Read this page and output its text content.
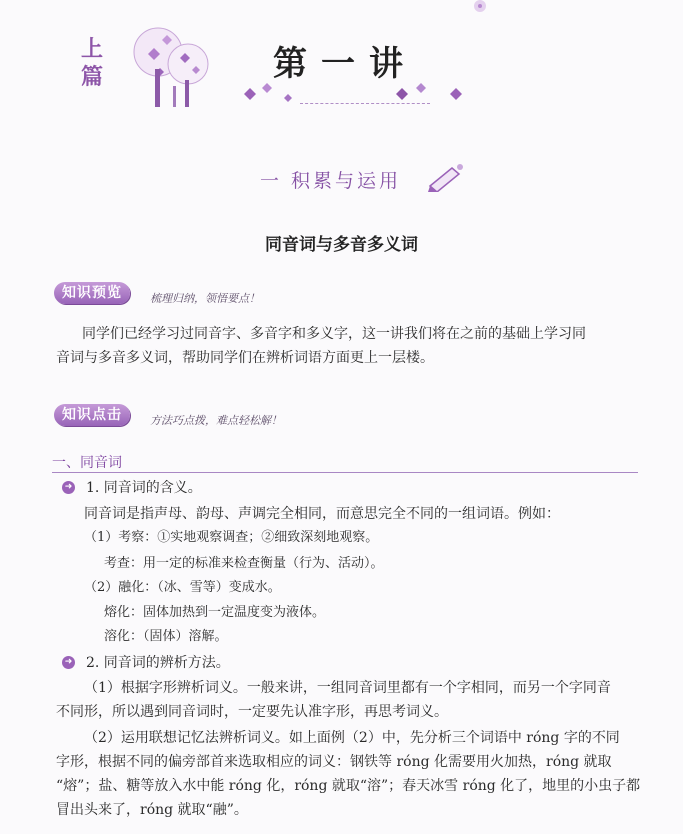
上
篇	第一讲
一 积累与运用
同音词与多音多义词
知识预览	梳理归纳，领悟要点！
同学们已经学习过同音字、多音字和多义字，这一讲我们将在之前的基础上学习同
音词与多音多义词，帮助同学们在辨析词语方面更上一层楼。
知识点击	方法巧点拨，难点轻松解！
一、同音词
➜ 1. 同音词的含义。
同音词是指声母、韵母、声调完全相同，而意思完全不同的一组词语。例如：
（1）考察：①实地观察调查；②细致深刻地观察。
考查：用一定的标准来检查衡量（行为、活动）。
（2）融化：（冰、雪等）变成水。
熔化：固体加热到一定温度变为液体。
溶化：（固体）溶解。
➜ 2. 同音词的辨析方法。
（1）根据字形辨析词义。一般来讲，一组同音词里都有一个字相同，而另一个字同音
不同形，所以遇到同音词时，一定要先认准字形，再思考词义。
（2）运用联想记忆法辨析词义。如上面例（2）中，先分析三个词语中 róng 字的不同
字形，根据不同的偏旁部首来选取相应的词义：钢铁等 róng 化需要用火加热，róng 就取
“熔”；盐、糖等放入水中能 róng 化，róng 就取“溶”；春天冰雪 róng 化了，地里的小虫子都
冒出头来了，róng 就取“融”。
